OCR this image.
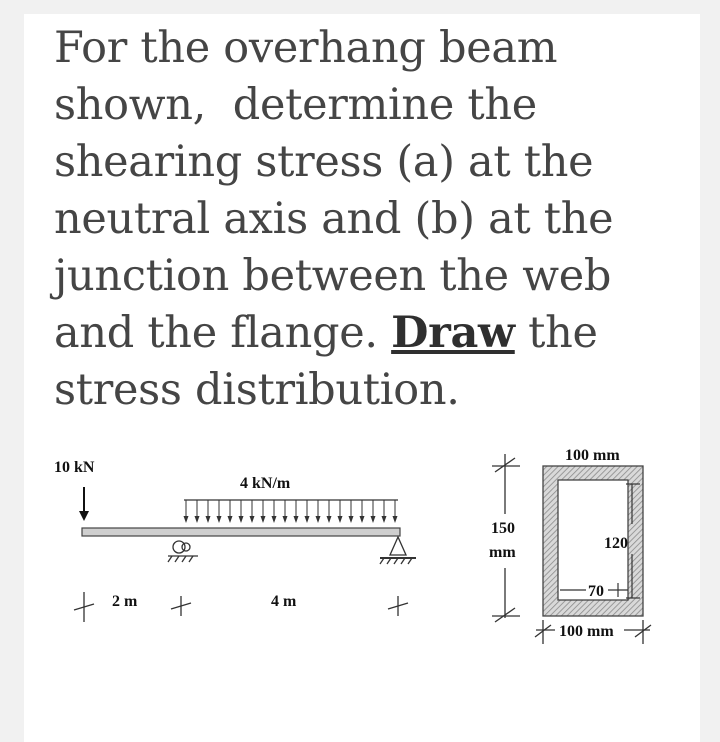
For the overhang beam
shown,  determine the
shearing stress (a) at the
neutral axis and (b) at the
junction between the web
and the flange. Draw the
stress distribution.
10 kN
4 kN/m
2 m	4 m
100 mm
150
mm
120
70
100 mm
